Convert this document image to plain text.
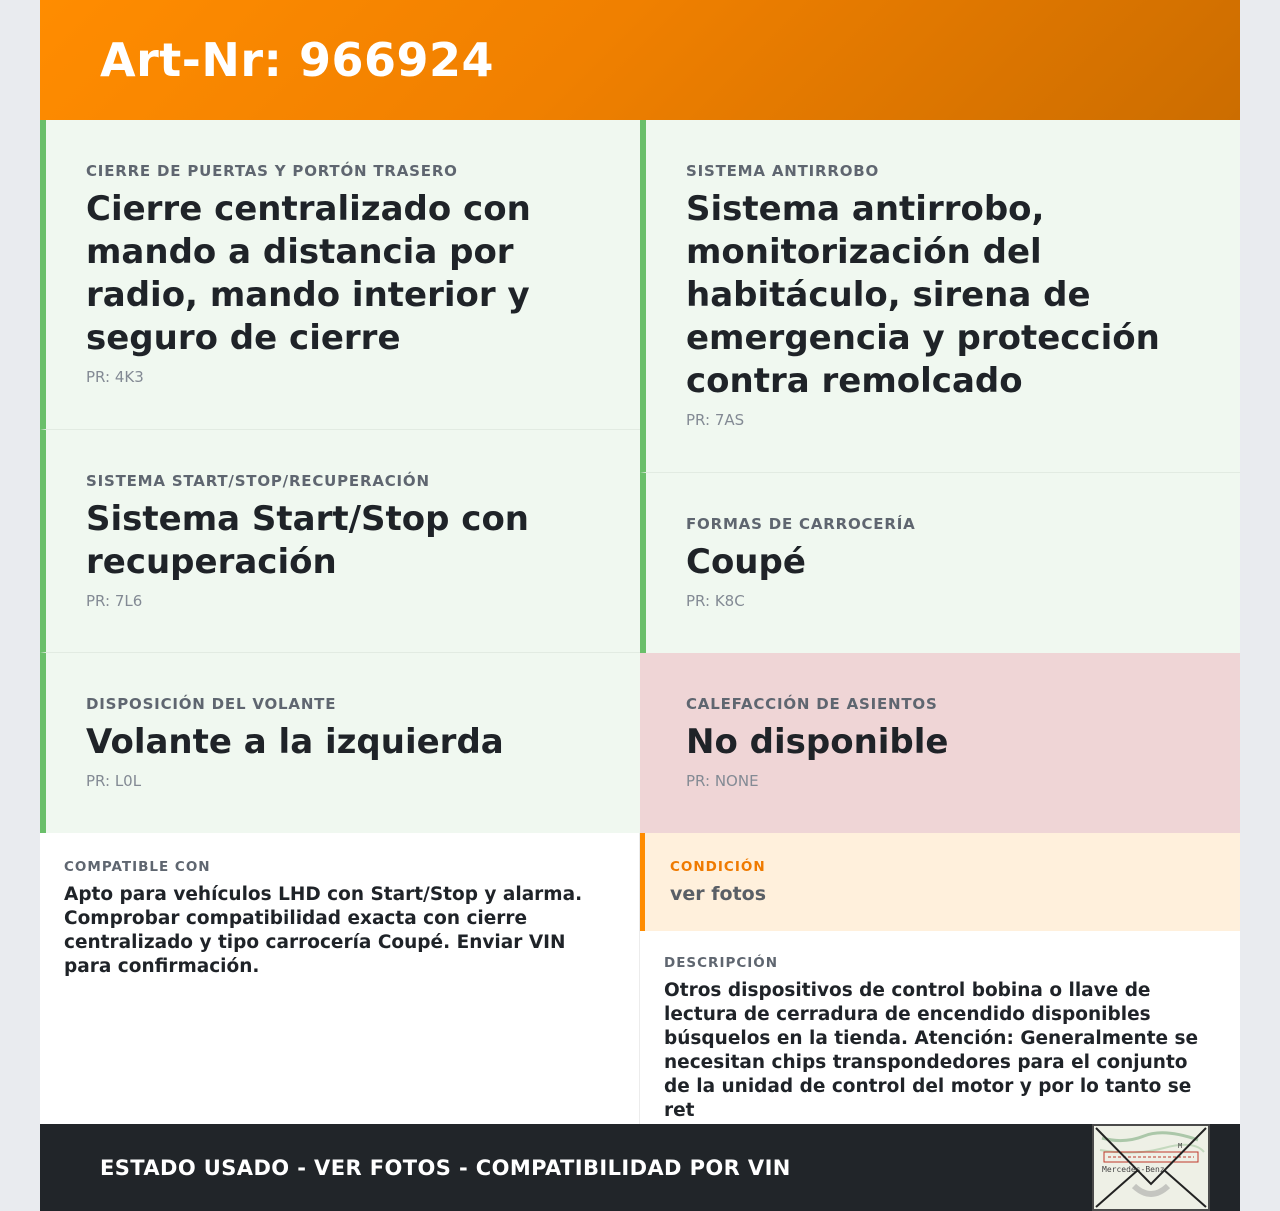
Art-Nr: 966924
CIERRE DE PUERTAS Y PORTÓN TRASERO
Cierre centralizado con mando a distancia por radio, mando interior y seguro de cierre
PR: 4K3
SISTEMA START/STOP/RECUPERACIÓN
Sistema Start/Stop con recuperación
PR: 7L6
DISPOSICIÓN DEL VOLANTE
Volante a la izquierda
PR: L0L
SISTEMA ANTIRROBO
Sistema antirrobo, monitorización del habitáculo, sirena de emergencia y protección contra remolcado
PR: 7AS
FORMAS DE CARROCERÍA
Coupé
PR: K8C
CALEFACCIÓN DE ASIENTOS
No disponible
PR: NONE
COMPATIBLE CON
Apto para vehículos LHD con Start/Stop y alarma. Comprobar compatibilidad exacta con cierre centralizado y tipo carrocería Coupé. Enviar VIN para confirmación.
CONDICIÓN
ver fotos
DESCRIPCIÓN
Otros dispositivos de control bobina o llave de lectura de cerradura de encendido disponibles búsquelos en la tienda. Atención: Generalmente se necesitan chips transpondedores para el conjunto de la unidad de control del motor y por lo tanto se ret
ESTADO USADO - VER FOTOS - COMPATIBILIDAD POR VIN
M
Mercedes-Benz
